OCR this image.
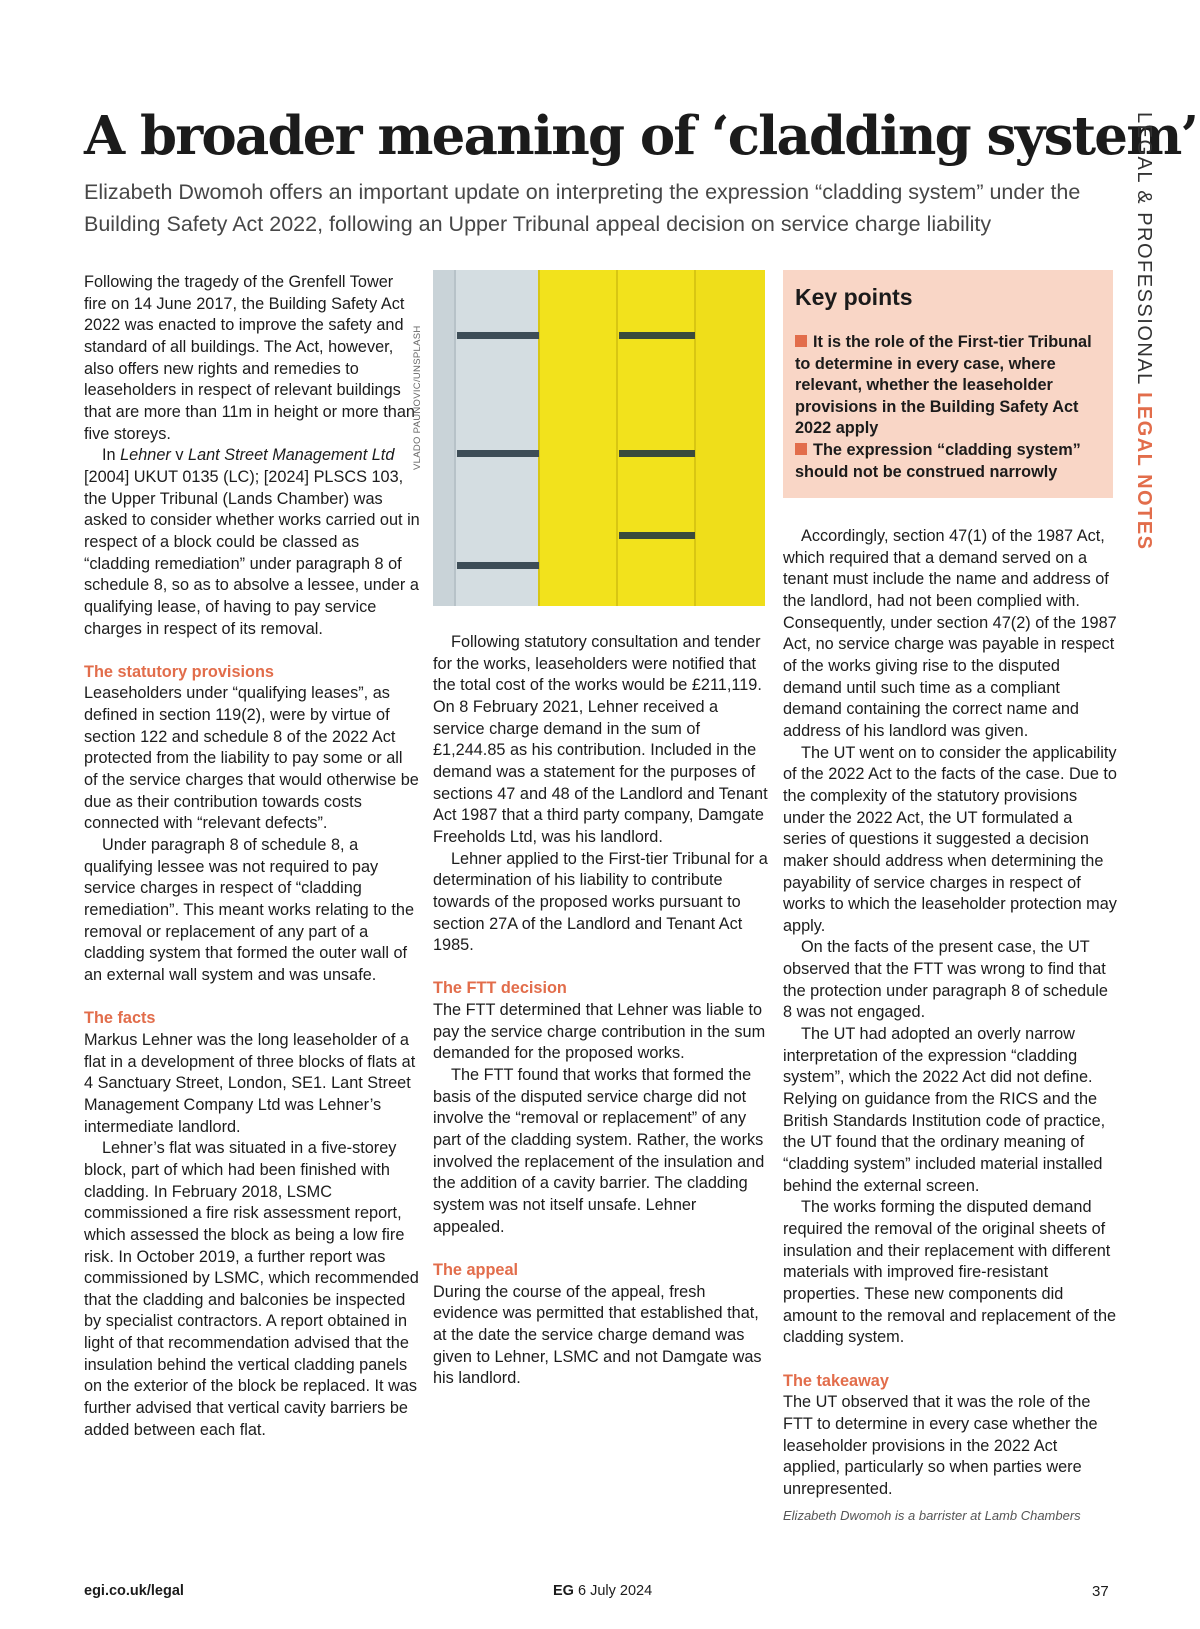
A broader meaning of ‘cladding system’

Elizabeth Dwomoh offers an important update on interpreting the expression “cladding system” under the Building Safety Act 2022, following an Upper Tribunal appeal decision on service charge liability	LEGAL & PROFESSIONAL LEGAL NOTES

Following the tragedy of the Grenfell Tower fire on 14 June 2017, the Building Safety Act 2022 was enacted to improve the safety and standard of all buildings. The Act, however, also offers new rights and remedies to leaseholders in respect of relevant buildings that are more than 11m in height or more than five storeys.

In Lehner v Lant Street Management Ltd [2004] UKUT 0135 (LC); [2024] PLSCS 103, the Upper Tribunal (Lands Chamber) was asked to consider whether works carried out in respect of a block could be classed as “cladding remediation” under paragraph 8 of schedule 8, so as to absolve a lessee, under a qualifying lease, of having to pay service charges in respect of its removal.

The statutory provisions

Leaseholders under “qualifying leases”, as defined in section 119(2), were by virtue of section 122 and schedule 8 of the 2022 Act protected from the liability to pay some or all of the service charges that would otherwise be due as their contribution towards costs connected with “relevant defects”.

Under paragraph 8 of schedule 8, a qualifying lessee was not required to pay service charges in respect of “cladding remediation”. This meant works relating to the removal or replacement of any part of a cladding system that formed the outer wall of an external wall system and was unsafe.

The facts

Markus Lehner was the long leaseholder of a flat in a development of three blocks of flats at 4 Sanctuary Street, London, SE1. Lant Street Management Company Ltd was Lehner’s intermediate landlord.

Lehner’s flat was situated in a five-storey block, part of which had been finished with cladding. In February 2018, LSMC commissioned a fire risk assessment report, which assessed the block as being a low fire risk. In October 2019, a further report was commissioned by LSMC, which recommended that the cladding and balconies be inspected by specialist contractors. A report obtained in light of that recommendation advised that the insulation behind the vertical cladding panels on the exterior of the block be replaced. It was further advised that vertical cavity barriers be added between each flat.

VLADO PAUNOVIC/UNSPLASH

Following statutory consultation and tender for the works, leaseholders were notified that the total cost of the works would be £211,119. On 8 February 2021, Lehner received a service charge demand in the sum of £1,244.85 as his contribution. Included in the demand was a statement for the purposes of sections 47 and 48 of the Landlord and Tenant Act 1987 that a third party company, Damgate Freeholds Ltd, was his landlord.

Lehner applied to the First-tier Tribunal for a determination of his liability to contribute towards of the proposed works pursuant to section 27A of the Landlord and Tenant Act 1985.

The FTT decision

The FTT determined that Lehner was liable to pay the service charge contribution in the sum demanded for the proposed works.

The FTT found that works that formed the basis of the disputed service charge did not involve the “removal or replacement” of any part of the cladding system. Rather, the works involved the replacement of the insulation and the addition of a cavity barrier. The cladding system was not itself unsafe. Lehner appealed.

The appeal

During the course of the appeal, fresh evidence was permitted that established that, at the date the service charge demand was given to Lehner, LSMC and not Damgate was his landlord.

Key points

It is the role of the First-tier Tribunal to determine in every case, where relevant, whether the leaseholder provisions in the Building Safety Act 2022 apply

The expression “cladding system” should not be construed narrowly

Accordingly, section 47(1) of the 1987 Act, which required that a demand served on a tenant must include the name and address of the landlord, had not been complied with. Consequently, under section 47(2) of the 1987 Act, no service charge was payable in respect of the works giving rise to the disputed demand until such time as a compliant demand containing the correct name and address of his landlord was given.

The UT went on to consider the applicability of the 2022 Act to the facts of the case. Due to the complexity of the statutory provisions under the 2022 Act, the UT formulated a series of questions it suggested a decision maker should address when determining the payability of service charges in respect of works to which the leaseholder protection may apply.

On the facts of the present case, the UT observed that the FTT was wrong to find that the protection under paragraph 8 of schedule 8 was not engaged.

The UT had adopted an overly narrow interpretation of the expression “cladding system”, which the 2022 Act did not define. Relying on guidance from the RICS and the British Standards Institution code of practice, the UT found that the ordinary meaning of “cladding system” included material installed behind the external screen.

The works forming the disputed demand required the removal of the original sheets of insulation and their replacement with different materials with improved fire-resistant properties. These new components did amount to the removal and replacement of the cladding system.

The takeaway

The UT observed that it was the role of the FTT to determine in every case whether the leaseholder provisions in the 2022 Act applied, particularly so when parties were unrepresented.

Elizabeth Dwomoh is a barrister at Lamb Chambers
egi.co.uk/legal	EG 6 July 2024	37
